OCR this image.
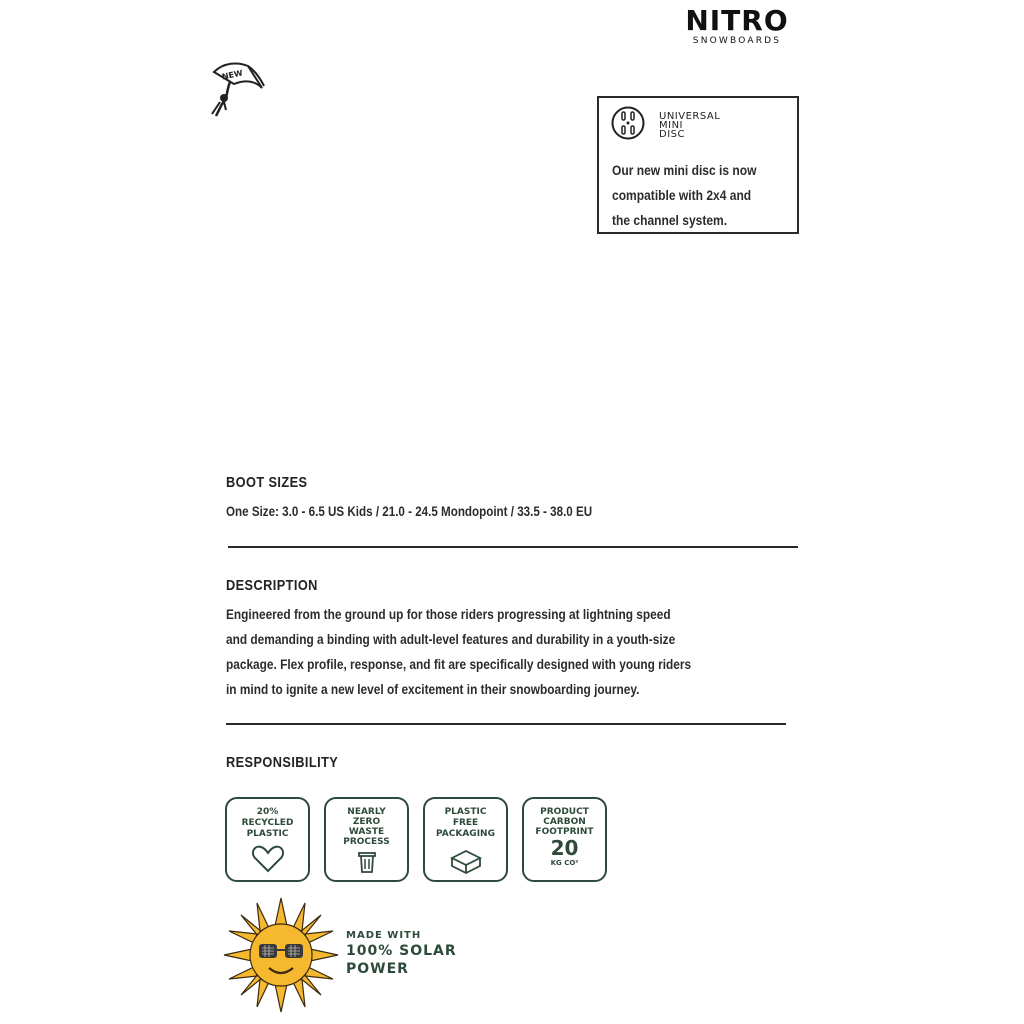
NITRO
SNOWBOARDS
NEW
UNIVERSAL
MINI
DISC
Our new mini disc is now
compatible with 2x4 and
the channel system.
BOOT SIZES
One Size: 3.0 - 6.5 US Kids / 21.0 - 24.5 Mondopoint / 33.5 - 38.0 EU
DESCRIPTION
Engineered from the ground up for those riders progressing at lightning speed
and demanding a binding with adult-level features and durability in a youth-size
package. Flex profile, response, and fit are specifically designed with young riders
in mind to ignite a new level of excitement in their snowboarding journey.
RESPONSIBILITY
20%
RECYCLED
PLASTIC
NEARLY
ZERO
WASTE
PROCESS
PLASTIC
FREE
PACKAGING
PRODUCT
CARBON
FOOTPRINT
20
KG CO²
MADE WITH
100% SOLAR
POWER
